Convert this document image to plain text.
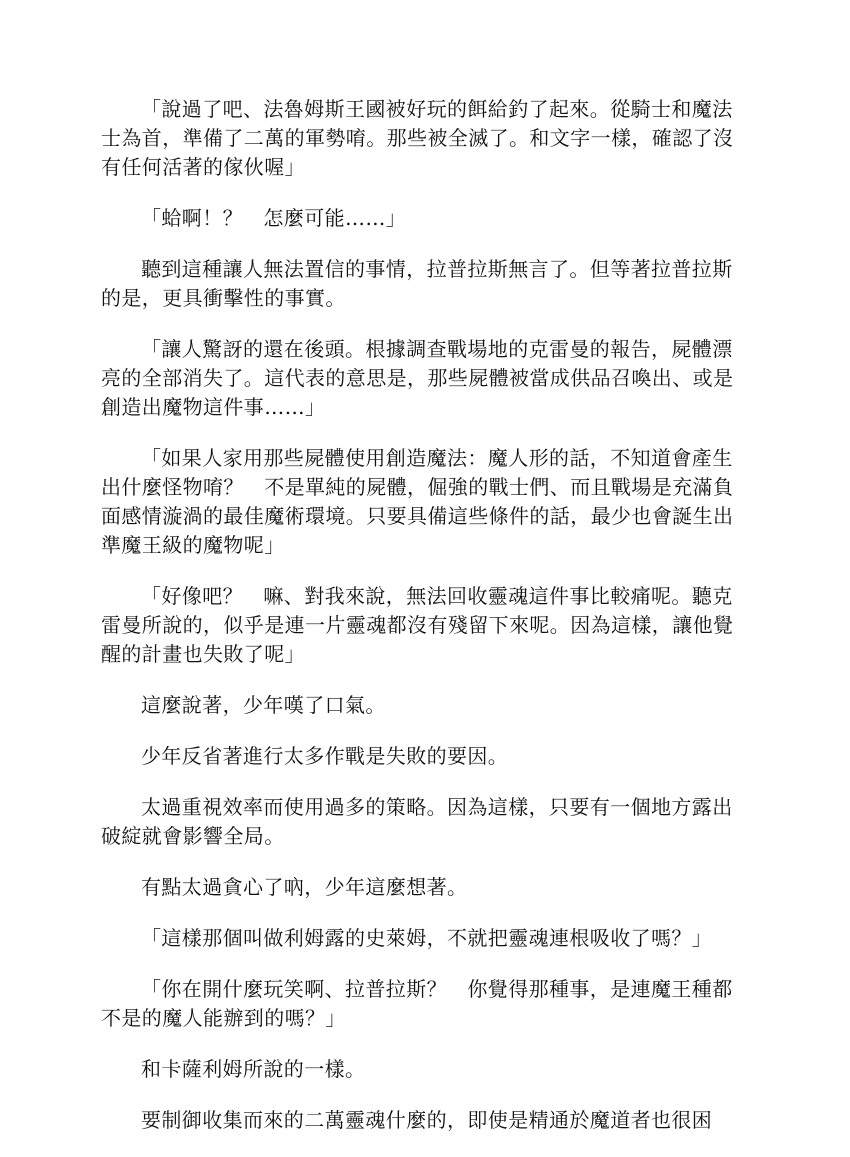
「說過了吧、法魯姆斯王國被好玩的餌給釣了起來。從騎士和魔法士為首，準備了二萬的軍勢唷。那些被全滅了。和文字一樣，確認了沒有任何活著的傢伙喔」

「蛤啊！？　怎麼可能……」

聽到這種讓人無法置信的事情，拉普拉斯無言了。但等著拉普拉斯的是，更具衝擊性的事實。

「讓人驚訝的還在後頭。根據調查戰場地的克雷曼的報告，屍體漂亮的全部消失了。這代表的意思是，那些屍體被當成供品召喚出、或是創造出魔物這件事……」

「如果人家用那些屍體使用創造魔法：魔人形的話，不知道會產生出什麼怪物唷？　不是單純的屍體，倔強的戰士們、而且戰場是充滿負面感情漩渦的最佳魔術環境。只要具備這些條件的話，最少也會誕生出準魔王級的魔物呢」

「好像吧？　嘛、對我來說，無法回收靈魂這件事比較痛呢。聽克雷曼所說的，似乎是連一片靈魂都沒有殘留下來呢。因為這樣，讓他覺醒的計畫也失敗了呢」

這麼說著，少年嘆了口氣。

少年反省著進行太多作戰是失敗的要因。

太過重視效率而使用過多的策略。因為這樣，只要有一個地方露出破綻就會影響全局。

有點太過貪心了吶，少年這麼想著。

「這樣那個叫做利姆露的史萊姆，不就把靈魂連根吸收了嗎？」

「你在開什麼玩笑啊、拉普拉斯？　你覺得那種事，是連魔王種都不是的魔人能辦到的嗎？」

和卡薩利姆所說的一樣。

要制御收集而來的二萬靈魂什麼的，即使是精通於魔道者也很困
